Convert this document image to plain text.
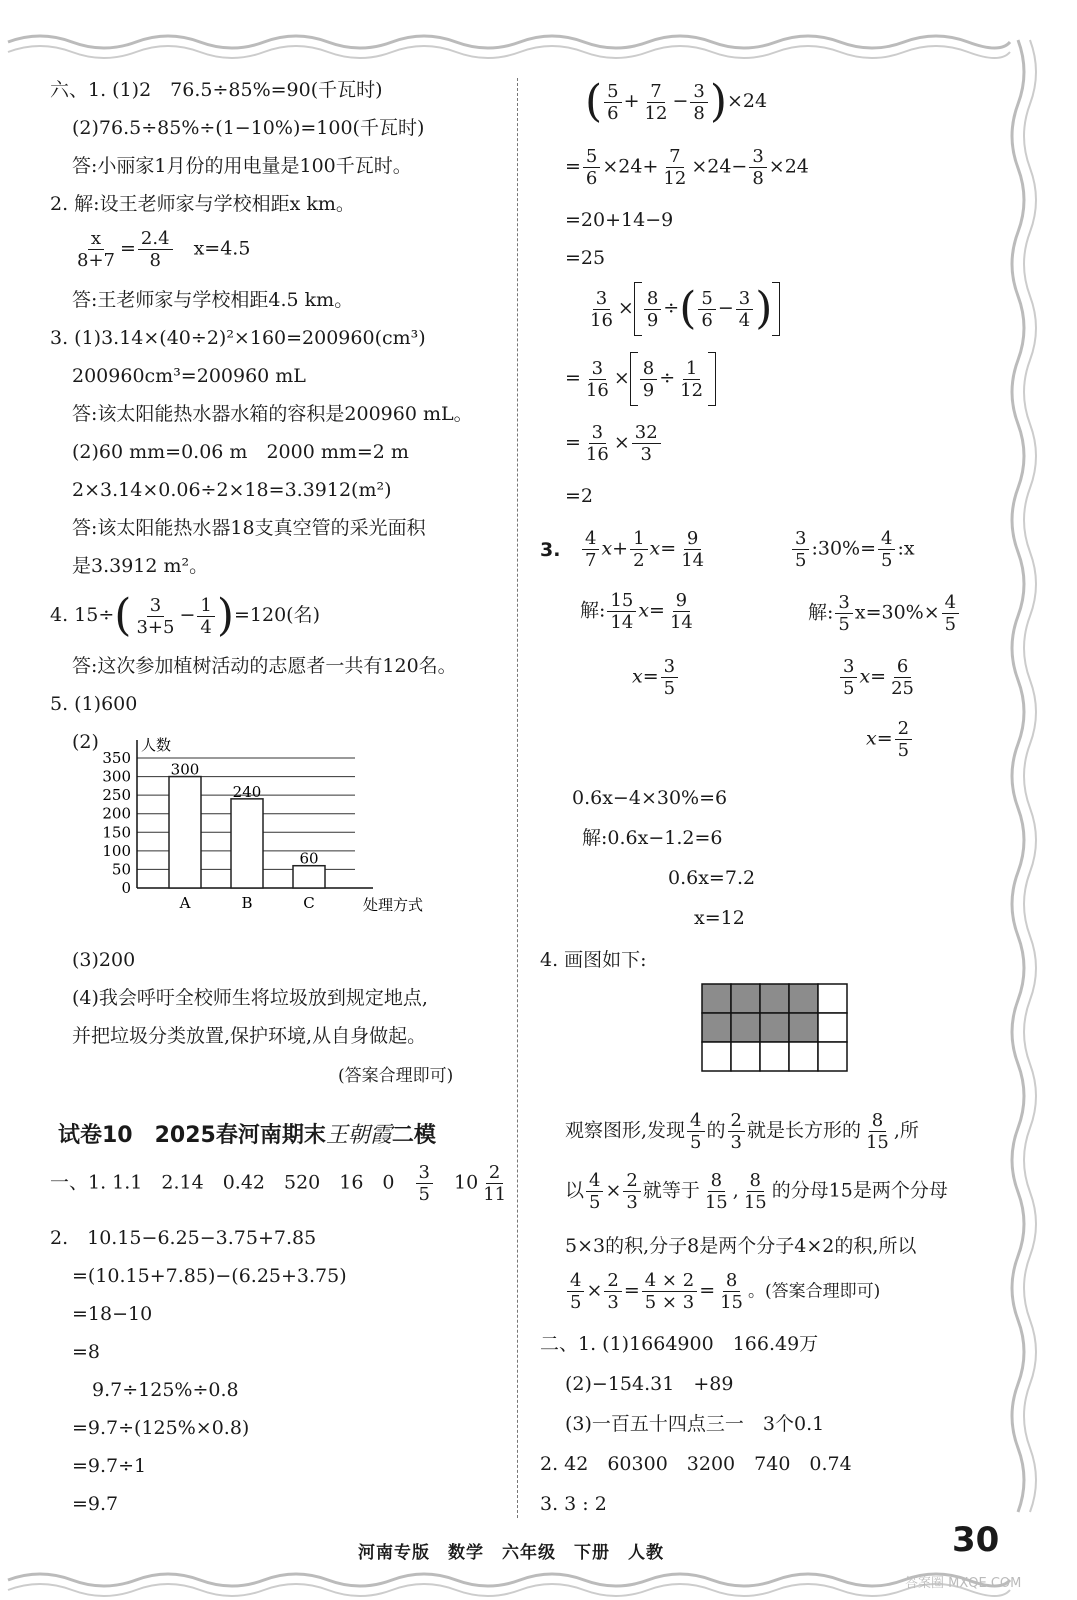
六、1. (1)2　76.5÷85%=90(千瓦时)
(2)76.5÷85%÷(1−10%)=100(千瓦时)
答:小丽家1月份的用电量是100千瓦时。
2. 解:设王老师家与学校相距x km。
$\frac{x}{8+7} = \frac{2.4}{8}$
　 x=4.5
答:王老师家与学校相距4.5 km。
3. (1)3.14×(40÷2)²×160=200960(cm³)
200960cm³=200960 mL
答:该太阳能热水器水箱的容积是200960 mL。
(2)60 mm=0.06 m　2000 mm=2 m
2×3.14×0.06÷2×18=3.3912(m²)
答:该太阳能热水器18支真空管的采光面积
是3.3912 m²。
4. $15\div( \frac{3}{3+5} - \frac{1}{4} )=120$(名)
答:这次参加植树活动的志愿者一共有120名。
5. (1)600
(2)
0
50
100
150
200
250
300
350
人数
处理方式
300
A
240
B
60
C
(3)200
(4)我会呼吁全校师生将垃圾放到规定地点,
并把垃圾分类放置,保护环境,从自身做起。
(答案合理即可)
试卷10　2025春河南期末王朝霞二模
一、1. 1.1　2.14　0.42　520　16　0　 $\frac{3}{5}$
　 $10 \frac{2}{11}$
2.　10.15−6.25−3.75+7.85
=(10.15+7.85)−(6.25+3.75)
=18−10
=8
9.7÷125%÷0.8
=9.7÷(125%×0.8)
=9.7÷1
=9.7
( $\frac{5}{6} + \frac{7}{12} - \frac{3}{8} )\times 24$
= $\frac{5}{6} \times 24+ \frac{7}{12} \times 24- \frac{3}{8} \times 24$
=20+14−9
=25
$\frac{3}{16} \times \frac{8}{9}$ ÷( $\frac{5}{6} - \frac{3}{4}$ )
= $\frac{3}{16} \times \frac{8}{9} \div \frac{1}{12}$
= $\frac{3}{16} \times \frac{32}{3}$
=2
3. $\frac{4}{7} x+ \frac{1}{2} x= \frac{9}{14}$
解: $\frac{15}{14} x= \frac{9}{14}$
$x= \frac{3}{5}$
$\frac{3}{5}$ :30%= $\frac{4}{5}$ :x
解: $\frac{3}{5} x=30\%\times \frac{4}{5}$
$\frac{3}{5} x= \frac{6}{25}$
$x= \frac{2}{5}$
0.6x−4×30%=6
解:0.6x−1.2=6
0.6x=7.2
x=12
4. 画图如下:
观察图形,发现 $\frac{4}{5}$ 的 $\frac{2}{3}$ 就是长方形的 $\frac{8}{15}$ ,所
以 $\frac{4}{5} \times \frac{2}{3}$ 就等于 $\frac{8}{15}$ , $\frac{8}{15}$ 的分母15是两个分母
5×3的积,分子8是两个分子4×2的积,所以
$\frac{4}{5} \times \frac{2}{3} = \frac{4 \times 2}{5 \times 3} = \frac{8}{15}$ 。(答案合理即可)
二、1. (1)1664900　166.49万
(2)−154.31　+89
(3)一百五十四点三一　3个0.1
2. 42　60300　3200　740　0.74
3. 3 : 2
河南专版　数学　六年级　下册　人教	30
答案圈 MXQE.COM
